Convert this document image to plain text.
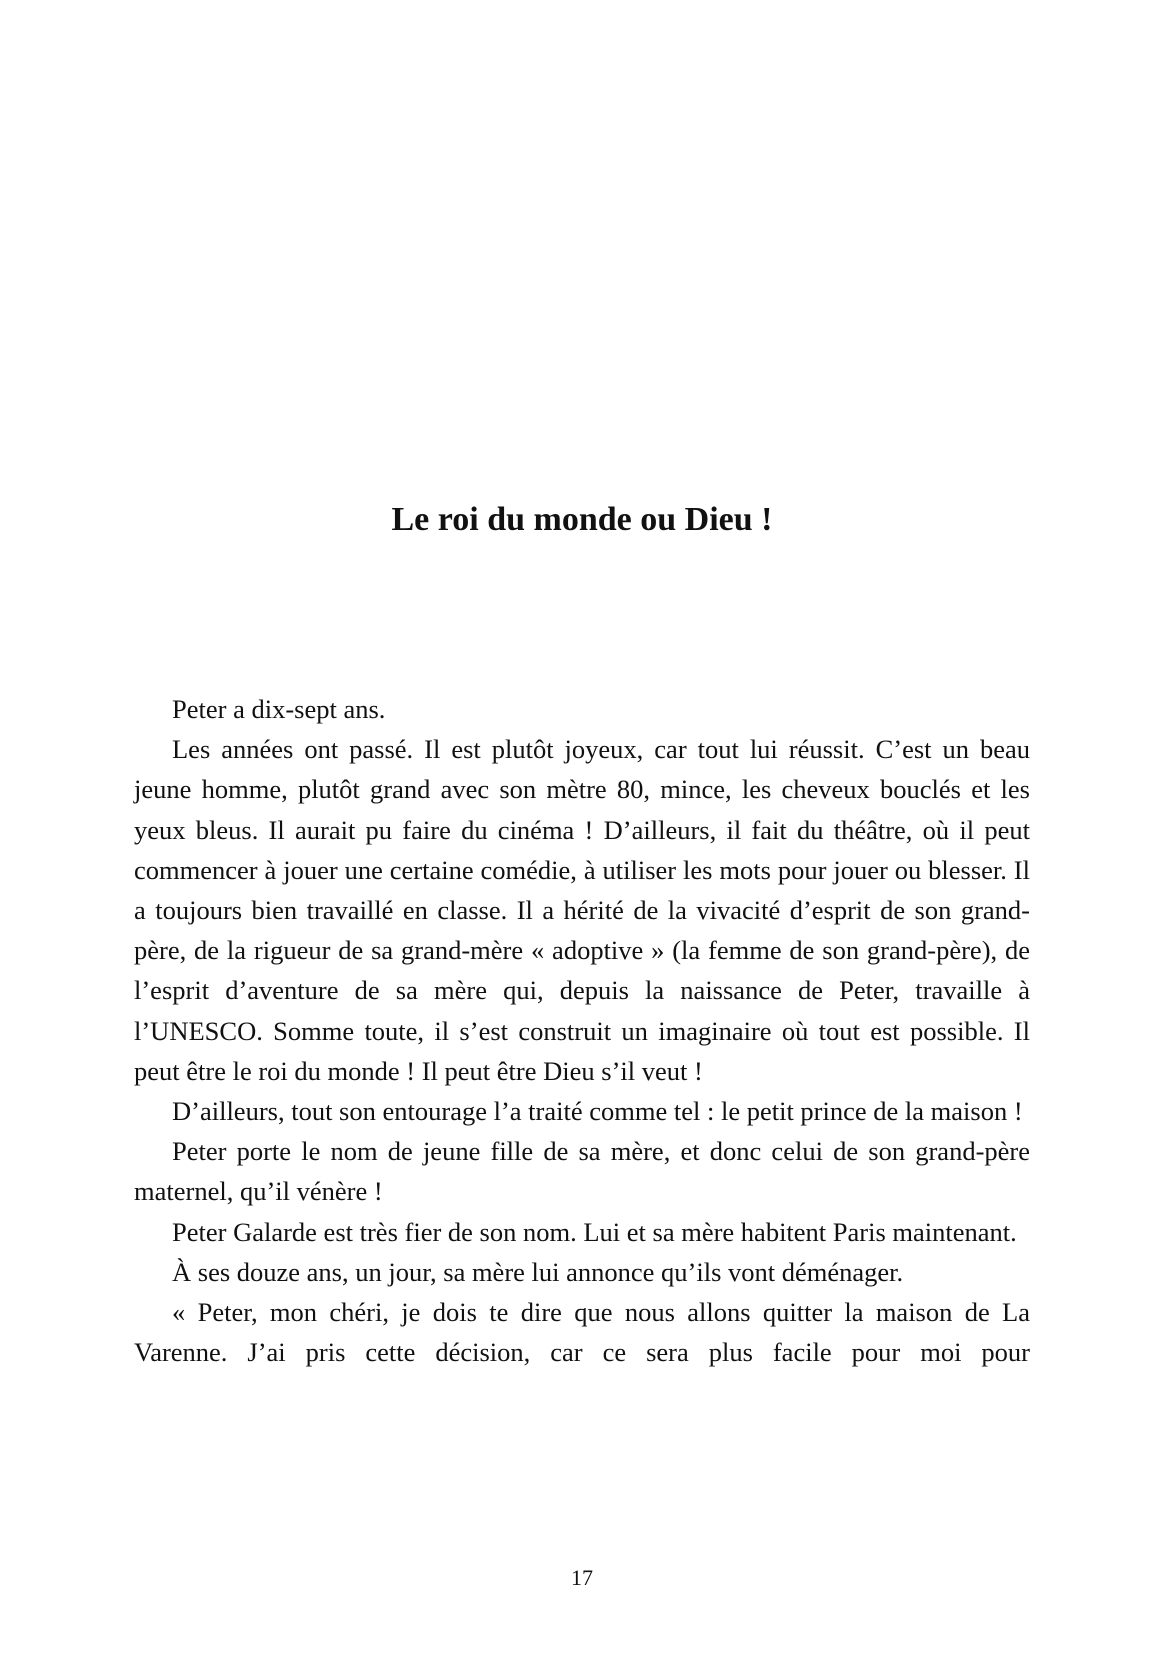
Le roi du monde ou Dieu !

Peter a dix-sept ans.

Les années ont passé. Il est plutôt joyeux, car tout lui réussit. C’est un beau jeune homme, plutôt grand avec son mètre 80, mince, les cheveux bouclés et les yeux bleus. Il aurait pu faire du cinéma ! D’ailleurs, il fait du théâtre, où il peut commencer à jouer une certaine comédie, à utiliser les mots pour jouer ou blesser. Il a toujours bien travaillé en classe. Il a hérité de la vivacité d’esprit de son grand-père, de la rigueur de sa grand-mère « adoptive » (la femme de son grand-père), de l’esprit d’aventure de sa mère qui, depuis la naissance de Peter, travaille à l’UNESCO. Somme toute, il s’est construit un imaginaire où tout est possible. Il peut être le roi du monde ! Il peut être Dieu s’il veut !

D’ailleurs, tout son entourage l’a traité comme tel : le petit prince de la maison !

Peter porte le nom de jeune fille de sa mère, et donc celui de son grand-père maternel, qu’il vénère !

Peter Galarde est très fier de son nom. Lui et sa mère habitent Paris maintenant.

À ses douze ans, un jour, sa mère lui annonce qu’ils vont déménager.

« Peter, mon chéri, je dois te dire que nous allons quitter la maison de La Varenne. J’ai pris cette décision, car ce sera plus facile pour moi pour

17
